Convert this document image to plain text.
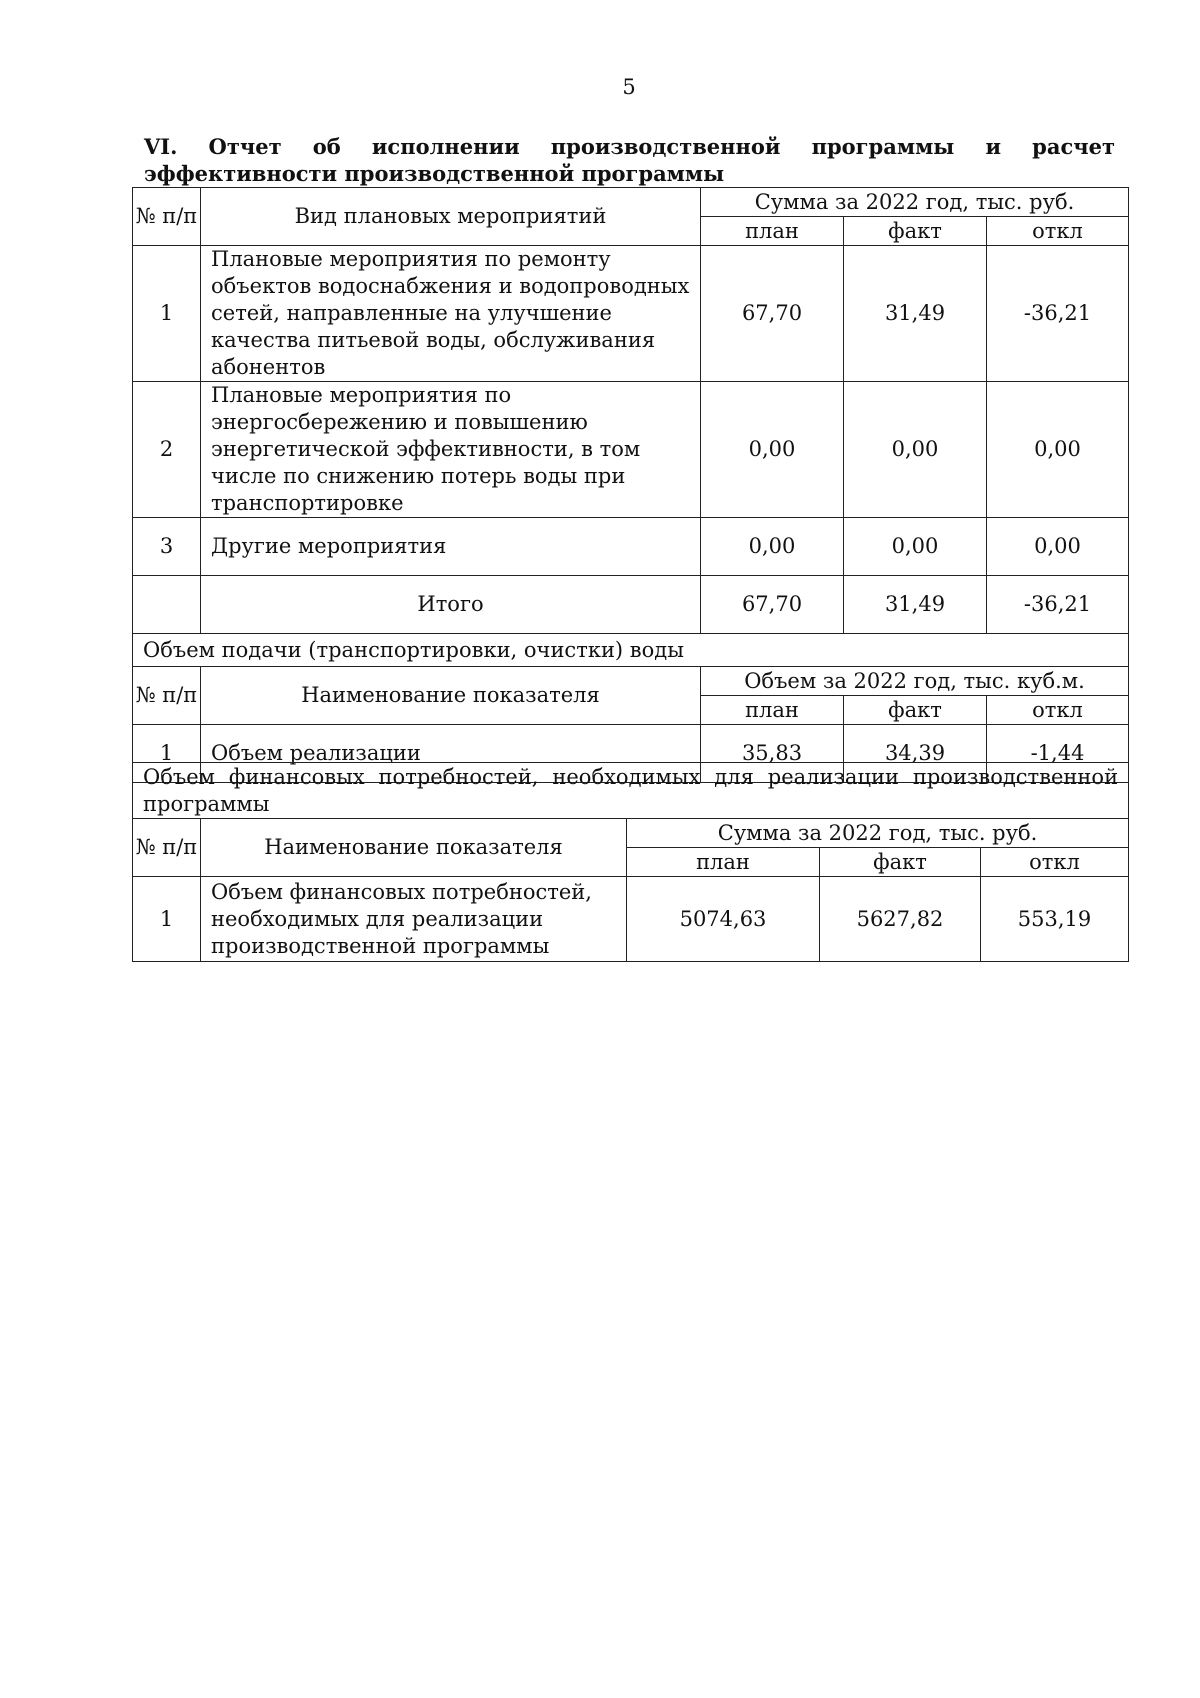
5
VI. Отчет об исполнении производственной программы и расчет эффективности производственной программы
№ п/п	Вид плановых мероприятий	Сумма за 2022 год, тыс. руб.		
		план	факт	откл
1	Плановые мероприятия по ремонту объектов водоснабжения и водопроводных сетей, направленные на улучшение качества питьевой воды, обслуживания абонентов	67,70	31,49	-36,21
2	Плановые мероприятия по энергосбережению и повышению энергетической эффективности, в том числе по снижению потерь воды при транспортировке	0,00	0,00	0,00
3	Другие мероприятия	0,00	0,00	0,00
	Итого	67,70	31,49	-36,21
Объем подачи (транспортировки, очистки) воды				
№ п/п	Наименование показателя	Объем за 2022 год, тыс. куб.м.		
		план	факт	откл
1	Объем реализации	35,83	34,39	-1,44
Объем финансовых потребностей, необходимых для реализации производственной программы				
№ п/п	Наименование показателя	Сумма за 2022 год, тыс. руб.		
		план	факт	откл
1	Объем финансовых потребностей, необходимых для реализации производственной программы	5074,63	5627,82	553,19
